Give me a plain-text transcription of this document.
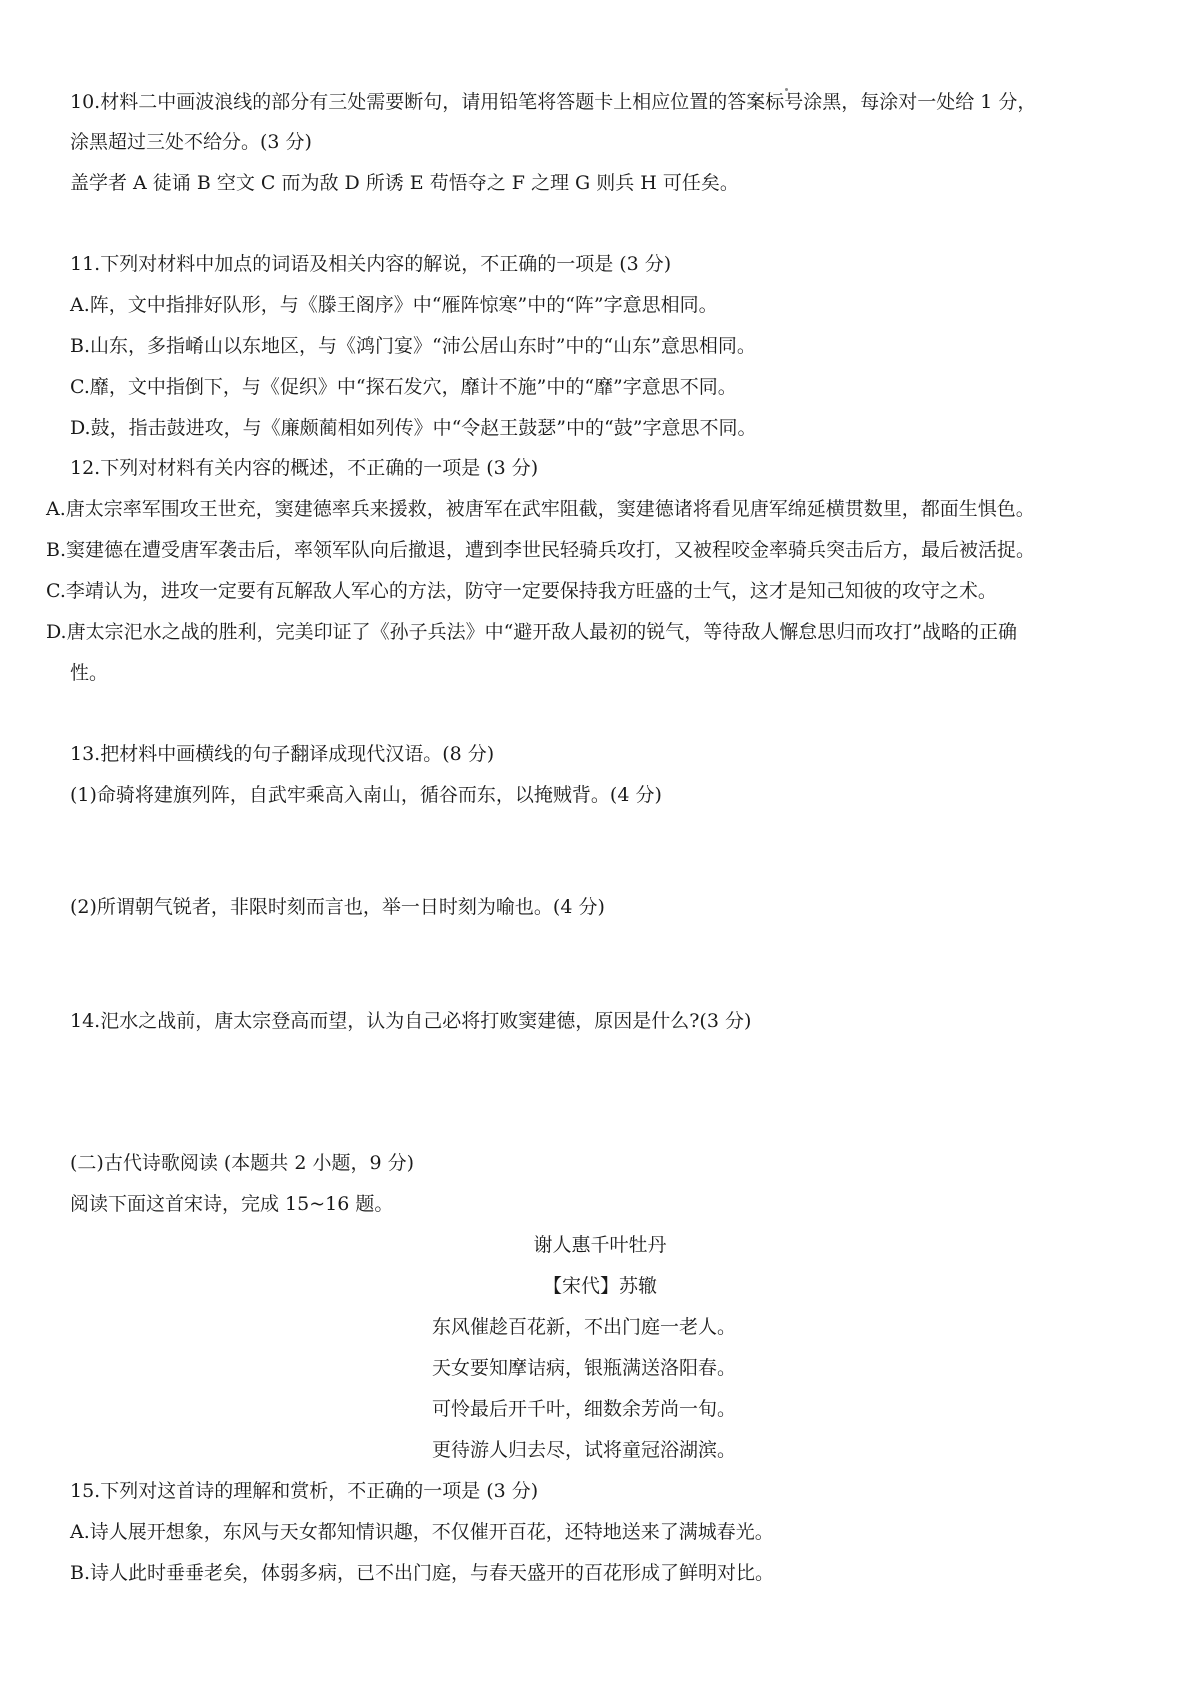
10.材料二中画波浪线的部分有三处需要断句，请用铅笔将答题卡上相应位置的答案标号涂黑，每涂对一处给 1 分，
涂黑超过三处不给分。(3 分)
盖学者 A 徒诵 B 空文 C 而为敌 D 所诱 E 苟悟夺之 F 之理 G 则兵 H 可任矣。
11.下列对材料中加点的词语及相关内容的解说，不正确的一项是 (3 分)
A.阵，文中指排好队形，与《滕王阁序》中“雁阵惊寒”中的“阵”字意思相同。
B.山东，多指崤山以东地区，与《鸿门宴》“沛公居山东时”中的“山东”意思相同。
C.靡，文中指倒下，与《促织》中“探石发穴，靡计不施”中的“靡”字意思不同。
D.鼓，指击鼓进攻，与《廉颇蔺相如列传》中“令赵王鼓瑟”中的“鼓”字意思不同。
12.下列对材料有关内容的概述，不正确的一项是 (3 分)
A.唐太宗率军围攻王世充，窦建德率兵来援救，被唐军在武牢阻截，窦建德诸将看见唐军绵延横贯数里，都面生惧色。
B.窦建德在遭受唐军袭击后，率领军队向后撤退，遭到李世民轻骑兵攻打，又被程咬金率骑兵突击后方，最后被活捉。
C.李靖认为，进攻一定要有瓦解敌人军心的方法，防守一定要保持我方旺盛的士气，这才是知己知彼的攻守之术。
D.唐太宗汜水之战的胜利，完美印证了《孙子兵法》中“避开敌人最初的锐气，等待敌人懈怠思归而攻打”战略的正确
性。
13.把材料中画横线的句子翻译成现代汉语。(8 分)
(1)命骑将建旗列阵，自武牢乘高入南山，循谷而东，以掩贼背。(4 分)
(2)所谓朝气锐者，非限时刻而言也，举一日时刻为喻也。(4 分)
14.汜水之战前，唐太宗登高而望，认为自己必将打败窦建德，原因是什么?(3 分)
(二)古代诗歌阅读 (本题共 2 小题，9 分)
阅读下面这首宋诗，完成 15~16 题。
谢人惠千叶牡丹
【宋代】苏辙
东风催趁百花新，不出门庭一老人。
天女要知摩诘病，银瓶满送洛阳春。
可怜最后开千叶，细数余芳尚一旬。
更待游人归去尽，试将童冠浴湖滨。
15.下列对这首诗的理解和赏析，不正确的一项是 (3 分)
A.诗人展开想象，东风与天女都知情识趣，不仅催开百花，还特地送来了满城春光。
B.诗人此时垂垂老矣，体弱多病，已不出门庭，与春天盛开的百花形成了鲜明对比。
